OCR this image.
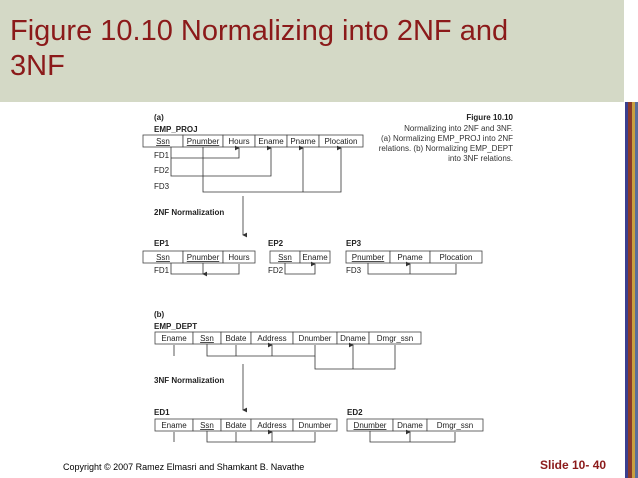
Figure 10.10 Normalizing into 2NF and 3NF
Figure 10.10
Normalizing into 2NF and 3NF.
(a) Normalizing EMP_PROJ into 2NF
relations. (b) Normalizing EMP_DEPT
into 3NF relations.
(a)
EMP_PROJ
Ssn Pnumber Hours Ename Pname Plocation
FD1
FD2
FD3
2NF Normalization
EP1
Ssn Pnumber Hours
FD1
EP2
Ssn Ename
FD2
EP3
Pnumber Pname Plocation
FD3
(b)
EMP_DEPT
Ename Ssn Bdate Address Dnumber Dname Dmgr_ssn
3NF Normalization
ED1
Ename Ssn Bdate Address Dnumber
ED2
Dnumber Dname Dmgr_ssn
Copyright © 2007 Ramez Elmasri and Shamkant B. Navathe	Slide 10- 40
